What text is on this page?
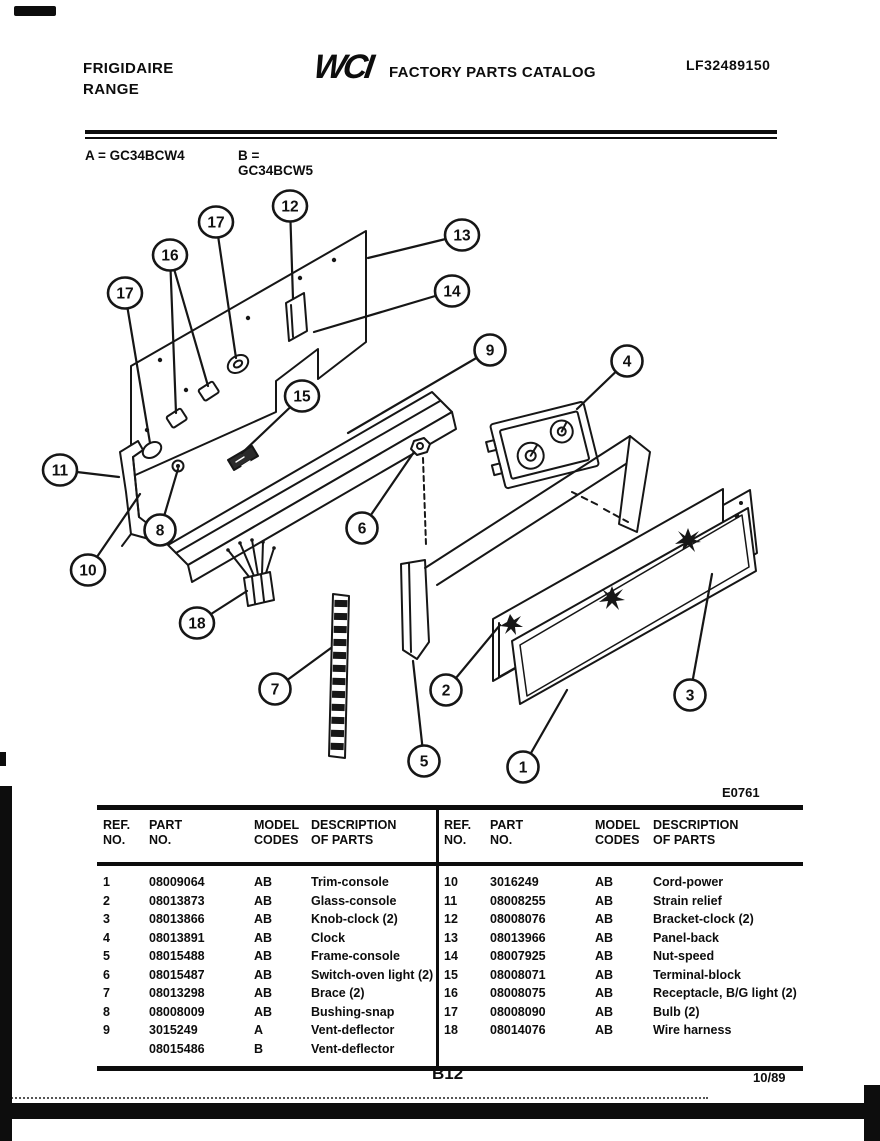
FRIGIDAIRE
RANGE
WCI FACTORY PARTS CATALOG	LF32489150
A = GC34BCW4	B = GC34BCW5
17
16
17
12
13
14
9
4
15
11
10
8
18
7
6
5
2
1
3
E0761
REF.
NO.
PART
NO.
MODEL
CODES
DESCRIPTION
OF PARTS
1	08009064	AB	Trim-console
2	08013873	AB	Glass-console
3	08013866	AB	Knob-clock (2)
4	08013891	AB	Clock
5	08015488	AB	Frame-console
6	08015487	AB	Switch-oven light (2)
7	08013298	AB	Brace (2)
8	08008009	AB	Bushing-snap
9	3015249	A	Vent-deflector
08015486	B	Vent-deflector
REF.
NO.
PART
NO.
MODEL
CODES
DESCRIPTION
OF PARTS
10	3016249	AB	Cord-power
11	08008255	AB	Strain relief
12	08008076	AB	Bracket-clock (2)
13	08013966	AB	Panel-back
14	08007925	AB	Nut-speed
15	08008071	AB	Terminal-block
16	08008075	AB	Receptacle, B/G light (2)
17	08008090	AB	Bulb (2)
18	08014076	AB	Wire harness
B12	10/89
